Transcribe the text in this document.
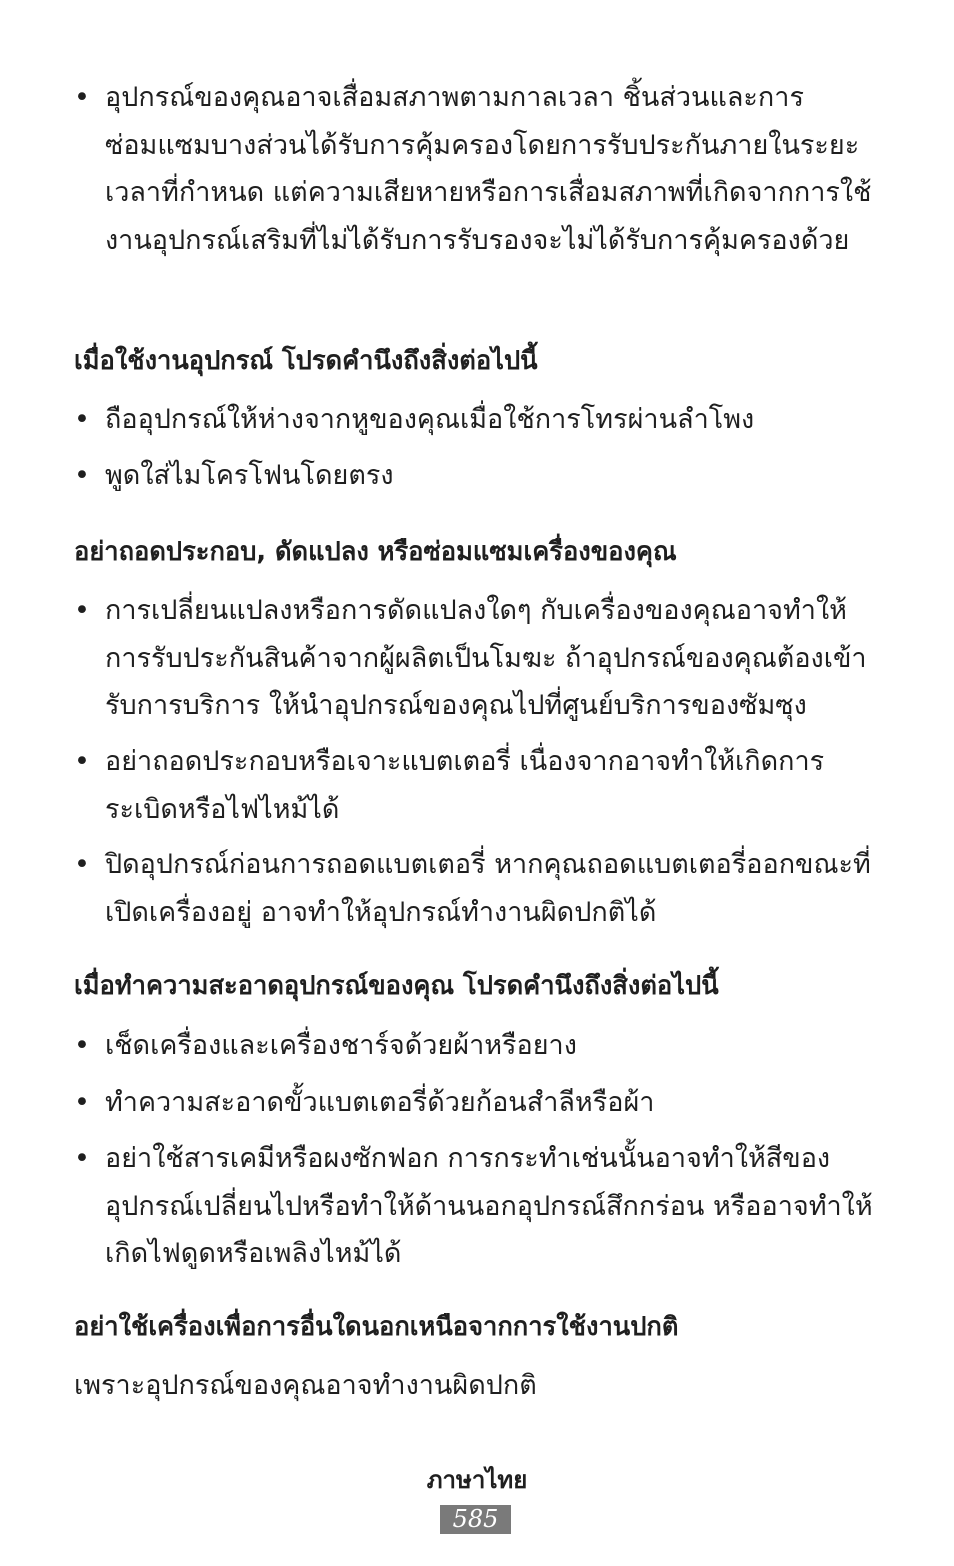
• อุปกรณ์ของคุณอาจเสื่อมสภาพตามกาลเวลา ชิ้นส่วนและการซ่อมแซมบางส่วนได้รับการคุ้มครองโดยการรับประกันภายในระยะเวลาที่กำหนด แต่ความเสียหายหรือการเสื่อมสภาพที่เกิดจากการใช้งานอุปกรณ์เสริมที่ไม่ได้รับการรับรองจะไม่ได้รับการคุ้มครองด้วย
เมื่อใช้งานอุปกรณ์ โปรดคำนึงถึงสิ่งต่อไปนี้
• ถืออุปกรณ์ให้ห่างจากหูของคุณเมื่อใช้การโทรผ่านลำโพง
• พูดใส่ไมโครโฟนโดยตรง
อย่าถอดประกอบ, ดัดแปลง หรือซ่อมแซมเครื่องของคุณ
• การเปลี่ยนแปลงหรือการดัดแปลงใดๆ กับเครื่องของคุณอาจทำให้การรับประกันสินค้าจากผู้ผลิตเป็นโมฆะ ถ้าอุปกรณ์ของคุณต้องเข้ารับการบริการ ให้นำอุปกรณ์ของคุณไปที่ศูนย์บริการของซัมซุง
• อย่าถอดประกอบหรือเจาะแบตเตอรี่ เนื่องจากอาจทำให้เกิดการระเบิดหรือไฟไหม้ได้
• ปิดอุปกรณ์ก่อนการถอดแบตเตอรี่ หากคุณถอดแบตเตอรี่ออกขณะที่เปิดเครื่องอยู่ อาจทำให้อุปกรณ์ทำงานผิดปกติได้
เมื่อทำความสะอาดอุปกรณ์ของคุณ โปรดคำนึงถึงสิ่งต่อไปนี้
• เช็ดเครื่องและเครื่องชาร์จด้วยผ้าหรือยาง
• ทำความสะอาดขั้วแบตเตอรี่ด้วยก้อนสำลีหรือผ้า
• อย่าใช้สารเคมีหรือผงซักฟอก การกระทำเช่นนั้นอาจทำให้สีของอุปกรณ์เปลี่ยนไปหรือทำให้ด้านนอกอุปกรณ์สึกกร่อน หรืออาจทำให้เกิดไฟดูดหรือเพลิงไหม้ได้
อย่าใช้เครื่องเพื่อการอื่นใดนอกเหนือจากการใช้งานปกติ
เพราะอุปกรณ์ของคุณอาจทำงานผิดปกติ
ภาษาไทย
585
